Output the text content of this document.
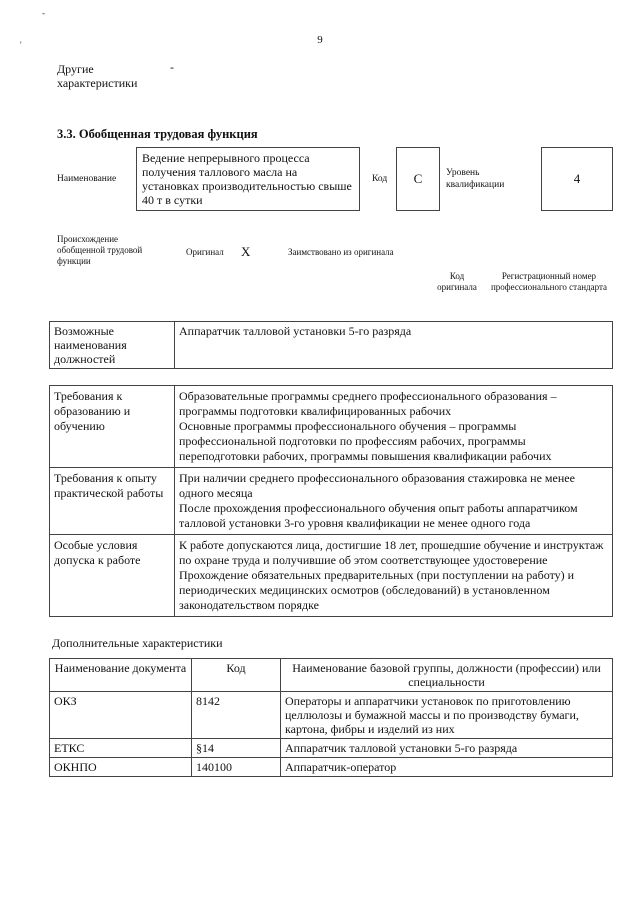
-
'	9
Другие характеристики
-
3.3. Обобщенная трудовая функция
Наименование
Ведение непрерывного процесса получения таллового масла на установках производительностью свыше 40 т в сутки
Код	С	Уровень квалификации	4
Происхождение обобщенной трудовой функции
Оригинал X	Заимствовано из оригинала
Код оригинала
Регистрационный номер профессионального стандарта
Возможные наименования должностей	Аппаратчик талловой установки 5-го разряда
Требования к образованию и обучению	Образовательные программы среднего профессионального образования – программы подготовки квалифицированных рабочих
Основные программы профессионального обучения – программы профессиональной подготовки по профессиям рабочих, программы переподготовки рабочих, программы повышения квалификации рабочих

Требования к опыту практической работы	При наличии среднего профессионального образования стажировка не менее одного месяца
После прохождения профессионального обучения опыт работы аппаратчиком талловой установки 3-го уровня квалификации не менее одного года

Особые условия допуска к работе	К работе допускаются лица, достигшие 18 лет, прошедшие обучение и инструктаж по охране труда и получившие об этом соответствующее удостоверение
Прохождение обязательных предварительных (при поступлении на работу) и периодических медицинских осмотров (обследований) в установленном законодательством порядке
Дополнительные характеристики
Наименование документа	Код	Наименование базовой группы, должности (профессии) или специальности
ОКЗ	8142	Операторы и аппаратчики установок по приготовлению целлюлозы и бумажной массы и по производству бумаги, картона, фибры и изделий из них
ЕТКС	§14	Аппаратчик талловой установки 5-го разряда
ОКНПО	140100	Аппаратчик-оператор
